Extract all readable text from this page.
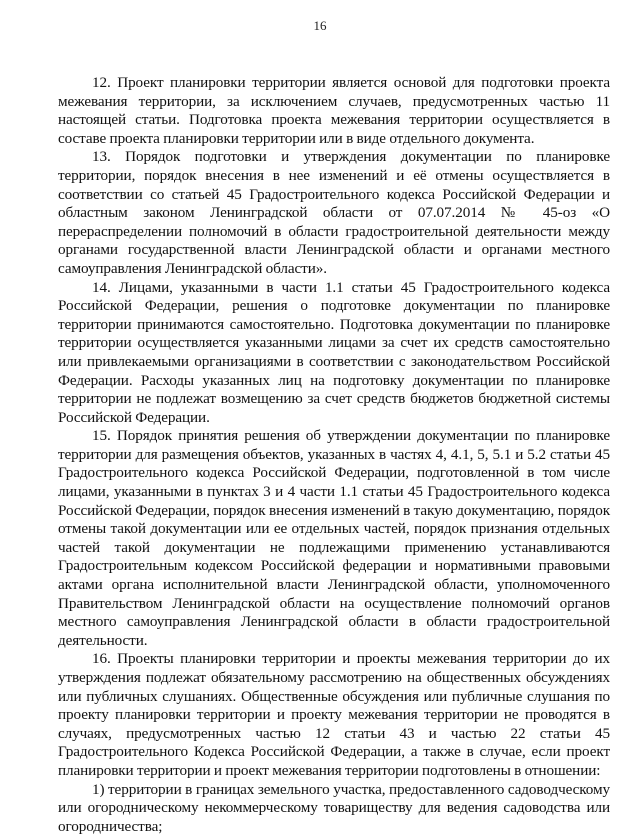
16

12. Проект планировки территории является основой для подготовки проекта межевания территории, за исключением случаев, предусмотренных частью 11 настоящей статьи. Подготовка проекта межевания территории осуществляется в составе проекта планировки территории или в виде отдельного документа.

13. Порядок подготовки и утверждения документации по планировке территории, порядок внесения в нее изменений и её отмены осуществляется в соответствии со статьей 45 Градостроительного кодекса Российской Федерации и областным законом Ленинградской области от 07.07.2014 № 45-оз «О перераспределении полномочий в области градостроительной деятельности между органами государственной власти Ленинградской области и органами местного самоуправления Ленинградской области».

14. Лицами, указанными в части 1.1 статьи 45 Градостроительного кодекса Российской Федерации, решения о подготовке документации по планировке территории принимаются самостоятельно. Подготовка документации по планировке территории осуществляется указанными лицами за счет их средств самостоятельно или привлекаемыми организациями в соответствии с законодательством Российской Федерации. Расходы указанных лиц на подготовку документации по планировке территории не подлежат возмещению за счет средств бюджетов бюджетной системы Российской Федерации.

15. Порядок принятия решения об утверждении документации по планировке территории для размещения объектов, указанных в частях 4, 4.1, 5, 5.1 и 5.2 статьи 45 Градостроительного кодекса Российской Федерации, подготовленной в том числе лицами, указанными в пунктах 3 и 4 части 1.1 статьи 45 Градостроительного кодекса Российской Федерации, порядок внесения изменений в такую документацию, порядок отмены такой документации или ее отдельных частей, порядок признания отдельных частей такой документации не подлежащими применению устанавливаются Градостроительным кодексом Российской федерации и нормативными правовыми актами органа исполнительной власти Ленинградской области, уполномоченного Правительством Ленинградской области на осуществление полномочий органов местного самоуправления Ленинградской области в области градостроительной деятельности.

16. Проекты планировки территории и проекты межевания территории до их утверждения подлежат обязательному рассмотрению на общественных обсуждениях или публичных слушаниях. Общественные обсуждения или публичные слушания по проекту планировки территории и проекту межевания территории не проводятся в случаях, предусмотренных частью 12 статьи 43 и частью 22 статьи 45 Градостроительного Кодекса Российской Федерации, а также в случае, если проект планировки территории и проект межевания территории подготовлены в отношении:

1) территории в границах земельного участка, предоставленного садоводческому или огородническому некоммерческому товариществу для ведения садоводства или огородничества;
